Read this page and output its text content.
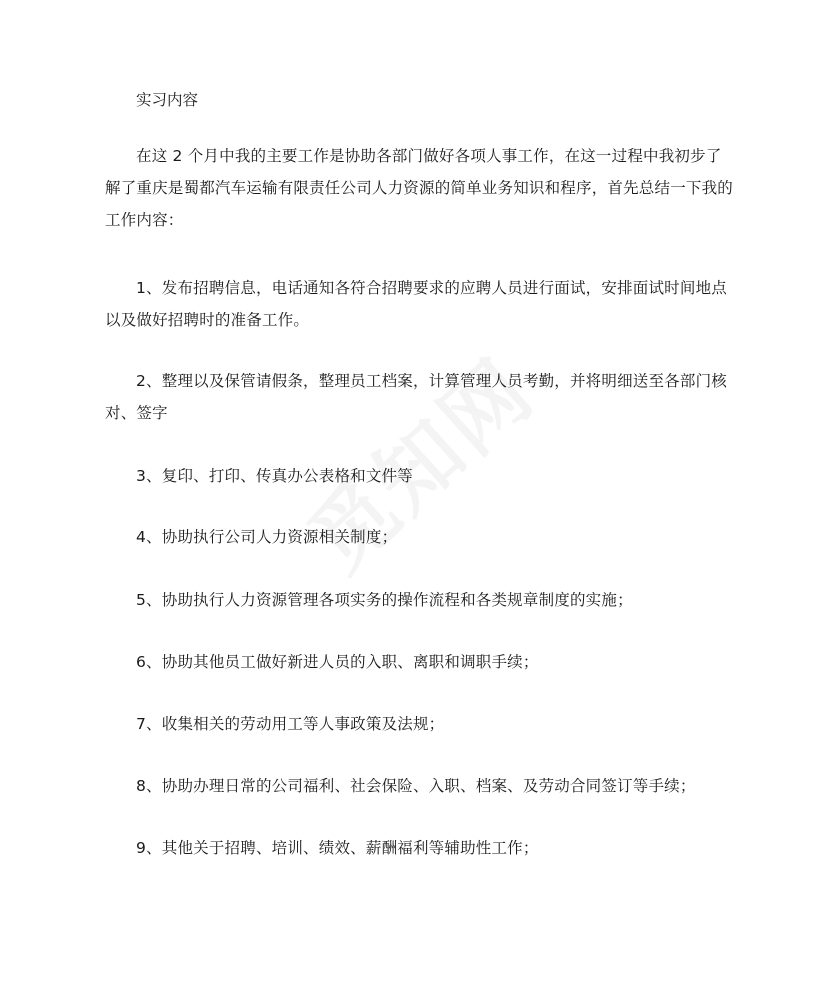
实习内容

在这 2 个月中我的主要工作是协助各部门做好各项人事工作，在这一过程中我初步了解了重庆是蜀都汽车运输有限责任公司人力资源的简单业务知识和程序，首先总结一下我的工作内容：

1、发布招聘信息，电话通知各符合招聘要求的应聘人员进行面试，安排面试时间地点以及做好招聘时的准备工作。

2、整理以及保管请假条，整理员工档案，计算管理人员考勤，并将明细送至各部门核对、签字

3、复印、打印、传真办公表格和文件等

4、协助执行公司人力资源相关制度；

5、协助执行人力资源管理各项实务的操作流程和各类规章制度的实施；

6、协助其他员工做好新进人员的入职、离职和调职手续；

7、收集相关的劳动用工等人事政策及法规；

8、协助办理日常的公司福利、社会保险、入职、档案、及劳动合同签订等手续；

9、其他关于招聘、培训、绩效、薪酬福利等辅助性工作；
